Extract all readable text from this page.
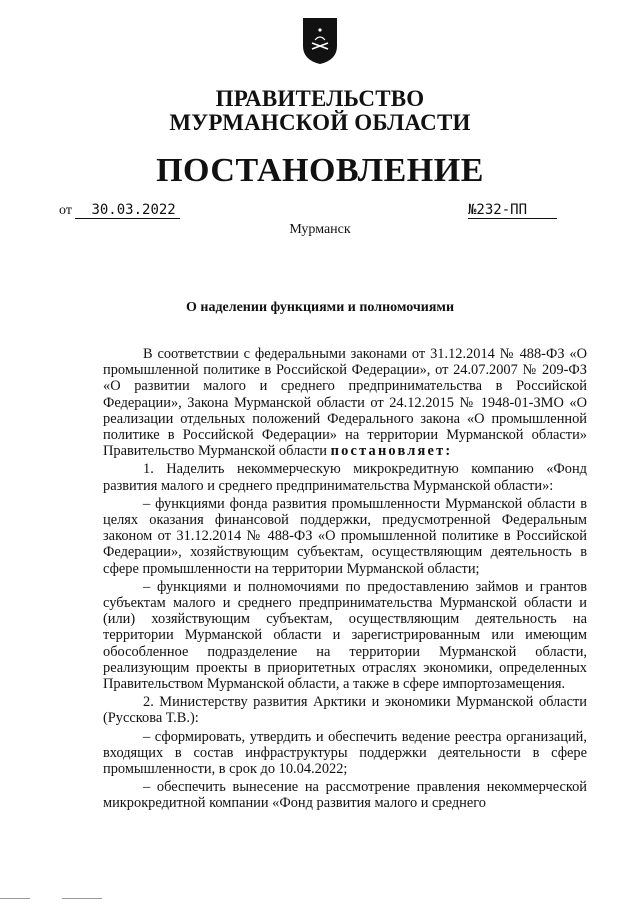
ПРАВИТЕЛЬСТВО
МУРМАНСКОЙ ОБЛАСТИ
ПОСТАНОВЛЕНИЕ
от 30.03.2022	№232-ПП
Мурманск
О наделении функциями и полномочиями

В соответствии с федеральными законами от 31.12.2014 № 488-ФЗ «О промышленной политике в Российской Федерации», от 24.07.2007 № 209-ФЗ «О развитии малого и среднего предпринимательства в Российской Федерации», Закона Мурманской области от 24.12.2015 № 1948-01-ЗМО «О реализации отдельных положений Федерального закона «О промышленной политике в Российской Федерации» на территории Мурманской области» Правительство Мурманской области постановляет:

1. Наделить некоммерческую микрокредитную компанию «Фонд развития малого и среднего предпринимательства Мурманской области»:

– функциями фонда развития промышленности Мурманской области в целях оказания финансовой поддержки, предусмотренной Федеральным законом от 31.12.2014 № 488-ФЗ «О промышленной политике в Российской Федерации», хозяйствующим субъектам, осуществляющим деятельность в сфере промышленности на территории Мурманской области;

– функциями и полномочиями по предоставлению займов и грантов субъектам малого и среднего предпринимательства Мурманской области и (или) хозяйствующим субъектам, осуществляющим деятельность на территории Мурманской области и зарегистрированным или имеющим обособленное подразделение на территории Мурманской области, реализующим проекты в приоритетных отраслях экономики, определенных Правительством Мурманской области, а также в сфере импортозамещения.

2. Министерству развития Арктики и экономики Мурманской области (Русскова Т.В.):

– сформировать, утвердить и обеспечить ведение реестра организаций, входящих в состав инфраструктуры поддержки деятельности в сфере промышленности, в срок до 10.04.2022;

– обеспечить вынесение на рассмотрение правления некоммерческой микрокредитной компании «Фонд развития малого и среднего
